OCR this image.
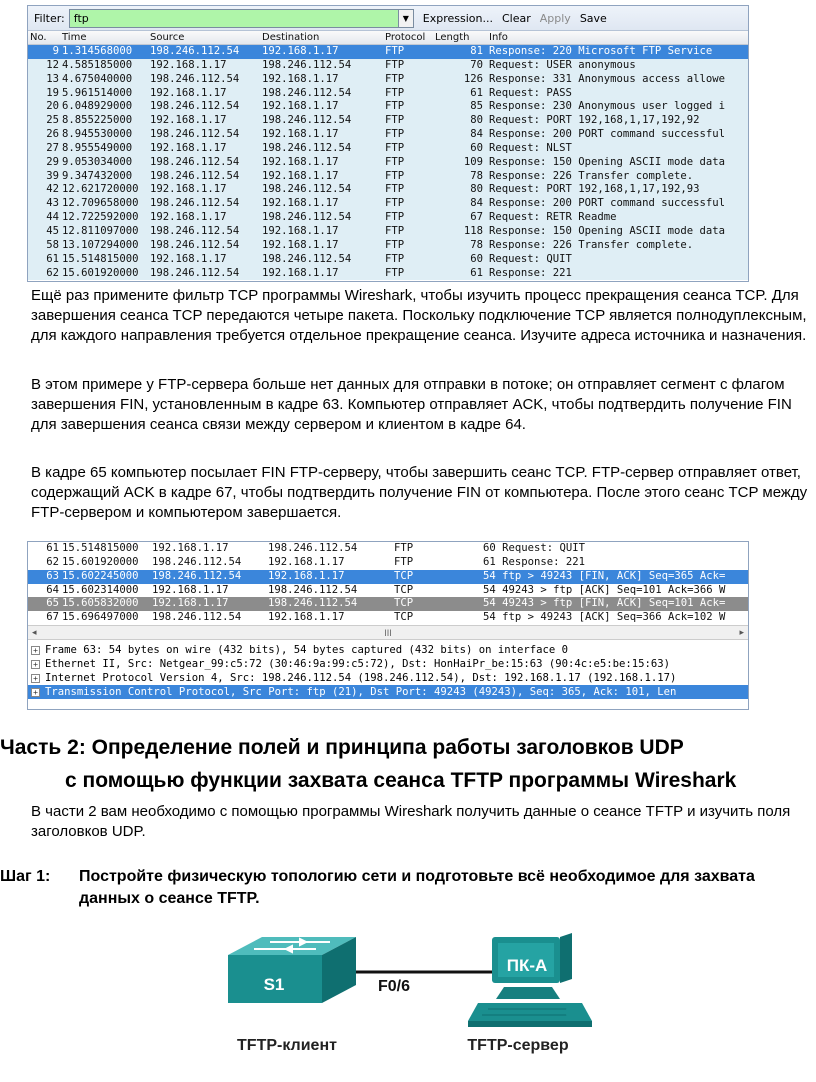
Filter: ftp	▼ Expression... Clear Apply Save
No.	Time	Source	Destination	Protocol Length	Info
9 1.314568000	198.246.112.54	192.168.1.17	FTP	81 Response: 220 Microsoft FTP Service
12 4.585185000	192.168.1.17	198.246.112.54	FTP	70 Request: USER anonymous
13 4.675040000	198.246.112.54	192.168.1.17	FTP	126 Response: 331 Anonymous access allowe
19 5.961514000	192.168.1.17	198.246.112.54	FTP	61 Request: PASS
20 6.048929000	198.246.112.54	192.168.1.17	FTP	85 Response: 230 Anonymous user logged i
25 8.855225000	192.168.1.17	198.246.112.54	FTP	80 Request: PORT 192,168,1,17,192,92
26 8.945530000	198.246.112.54	192.168.1.17	FTP	84 Response: 200 PORT command successful
27 8.955549000	192.168.1.17	198.246.112.54	FTP	60 Request: NLST
29 9.053034000	198.246.112.54	192.168.1.17	FTP	109 Response: 150 Opening ASCII mode data
39 9.347432000	198.246.112.54	192.168.1.17	FTP	78 Response: 226 Transfer complete.
42 12.621720000	192.168.1.17	198.246.112.54	FTP	80 Request: PORT 192,168,1,17,192,93
43 12.709658000	198.246.112.54	192.168.1.17	FTP	84 Response: 200 PORT command successful
44 12.722592000	192.168.1.17	198.246.112.54	FTP	67 Request: RETR Readme
45 12.811097000	198.246.112.54	192.168.1.17	FTP	118 Response: 150 Opening ASCII mode data
58 13.107294000	198.246.112.54	192.168.1.17	FTP	78 Response: 226 Transfer complete.
61 15.514815000	192.168.1.17	198.246.112.54	FTP	60 Request: QUIT
62 15.601920000	198.246.112.54	192.168.1.17	FTP	61 Response: 221

Ещё раз примените фильтр TCP программы Wireshark, чтобы изучить процесс прекращения сеанса TCP. Для завершения сеанса TCP передаются четыре пакета. Поскольку подключение TCP является полнодуплексным, для каждого направления требуется отдельное прекращение сеанса. Изучите адреса источника и назначения.

В этом примере у FTP-сервера больше нет данных для отправки в потоке; он отправляет сегмент с флагом завершения FIN, установленным в кадре 63. Компьютер отправляет ACK, чтобы подтвердить получение FIN для завершения сеанса связи между сервером и клиентом в кадре 64.

В кадре 65 компьютер посылает FIN FTP-серверу, чтобы завершить сеанс TCP. FTP-сервер отправляет ответ, содержащий ACK в кадре 67, чтобы подтвердить получение FIN от компьютера. После этого сеанс TCP между FTP-сервером и компьютером завершается.

61 15.514815000	192.168.1.17	198.246.112.54	FTP	60 Request: QUIT
62 15.601920000	198.246.112.54	192.168.1.17	FTP	61 Response: 221
63 15.602245000	198.246.112.54	192.168.1.17	TCP	54 ftp > 49243 [FIN, ACK] Seq=365 Ack=
64 15.602314000	192.168.1.17	198.246.112.54	TCP	54 49243 > ftp [ACK] Seq=101 Ack=366 W
65 15.605832000	192.168.1.17	198.246.112.54	TCP	54 49243 > ftp [FIN, ACK] Seq=101 Ack=
67 15.696497000	198.246.112.54	192.168.1.17	TCP	54 ftp > 49243 [ACK] Seq=366 Ack=102 W
◂	III	▸
+ Frame 63: 54 bytes on wire (432 bits), 54 bytes captured (432 bits) on interface 0
+ Ethernet II, Src: Netgear_99:c5:72 (30:46:9a:99:c5:72), Dst: HonHaiPr_be:15:63 (90:4c:e5:be:15:63)
+ Internet Protocol Version 4, Src: 198.246.112.54 (198.246.112.54), Dst: 192.168.1.17 (192.168.1.17)
+ Transmission Control Protocol, Src Port: ftp (21), Dst Port: 49243 (49243), Seq: 365, Ack: 101, Len
Часть 2: Определение полей и принципа работы заголовков UDP
с помощью функции захвата сеанса TFTP программы Wireshark

В части 2 вам необходимо с помощью программы Wireshark получить данные о сеансе TFTP и изучить поля заголовков UDP.

Шаг 1: Постройте физическую топологию сети и подготовьте всё необходимое для захвата данных о сеансе TFTP.
S1	F0/6
ПК-А
TFTP-клиент	TFTP-сервер
